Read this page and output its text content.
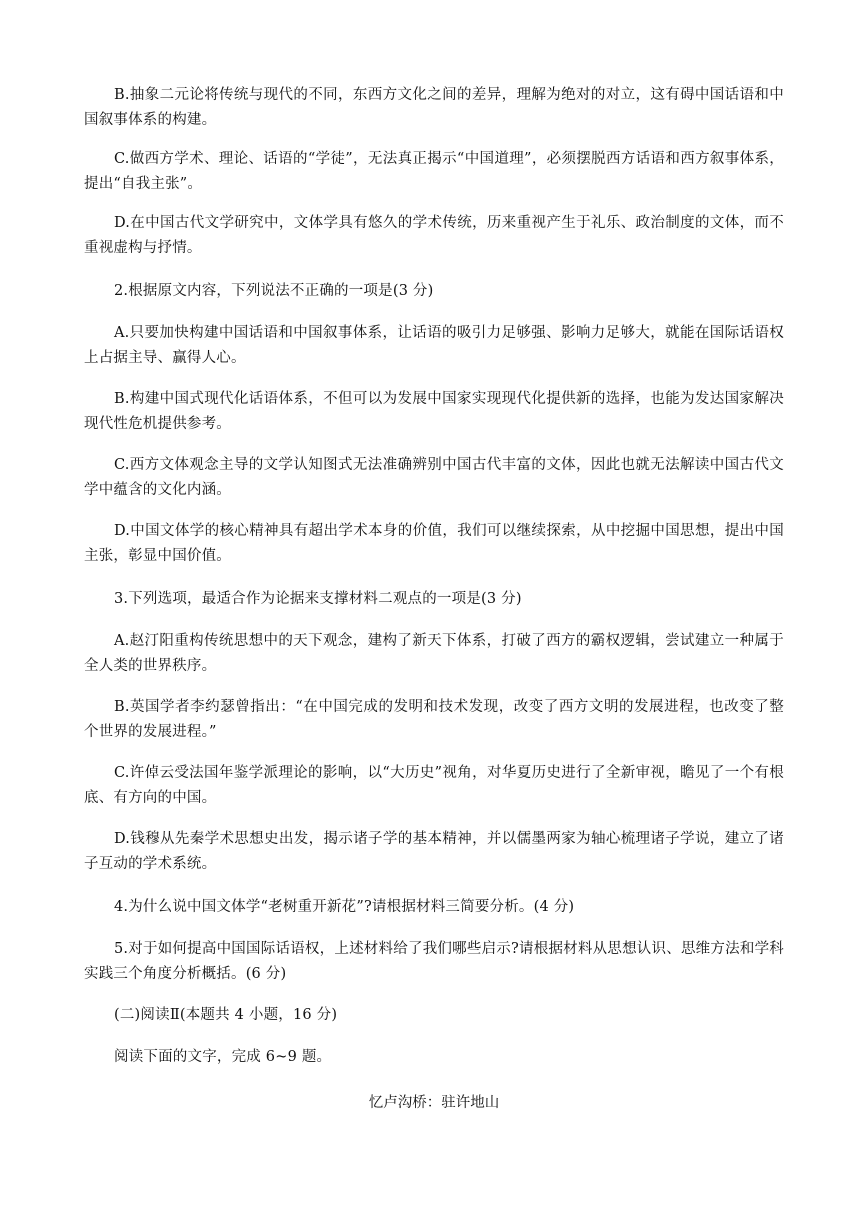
B.抽象二元论将传统与现代的不同，东西方文化之间的差异，理解为绝对的对立，这有碍中国话语和中国叙事体系的构建。

C.做西方学术、理论、话语的“学徒”，无法真正揭示“中国道理”，必须摆脱西方话语和西方叙事体系，提出“自我主张”。

D.在中国古代文学研究中，文体学具有悠久的学术传统，历来重视产生于礼乐、政治制度的文体，而不重视虚构与抒情。

2.根据原文内容，下列说法不正确的一项是(3 分)

A.只要加快构建中国话语和中国叙事体系，让话语的吸引力足够强、影响力足够大，就能在国际话语权上占据主导、赢得人心。

B.构建中国式现代化话语体系，不但可以为发展中国家实现现代化提供新的选择，也能为发达国家解决现代性危机提供参考。

C.西方文体观念主导的文学认知图式无法准确辨别中国古代丰富的文体，因此也就无法解读中国古代文学中蕴含的文化内涵。

D.中国文体学的核心精神具有超出学术本身的价值，我们可以继续探索，从中挖掘中国思想，提出中国主张，彰显中国价值。

3.下列选项，最适合作为论据来支撑材料二观点的一项是(3 分)

A.赵汀阳重构传统思想中的天下观念，建构了新天下体系，打破了西方的霸权逻辑，尝试建立一种属于全人类的世界秩序。

B.英国学者李约瑟曾指出：“在中国完成的发明和技术发现，改变了西方文明的发展进程，也改变了整个世界的发展进程。”

C.许倬云受法国年鉴学派理论的影响，以“大历史”视角，对华夏历史进行了全新审视，瞻见了一个有根底、有方向的中国。

D.钱穆从先秦学术思想史出发，揭示诸子学的基本精神，并以儒墨两家为轴心梳理诸子学说，建立了诸子互动的学术系统。

4.为什么说中国文体学“老树重开新花”?请根据材料三简要分析。(4 分)

5.对于如何提高中国国际话语权，上述材料给了我们哪些启示?请根据材料从思想认识、思维方法和学科实践三个角度分析概括。(6 分)

(二)阅读Ⅱ(本题共 4 小题，16 分)

阅读下面的文字，完成 6~9 题。

忆卢沟桥：驻许地山
